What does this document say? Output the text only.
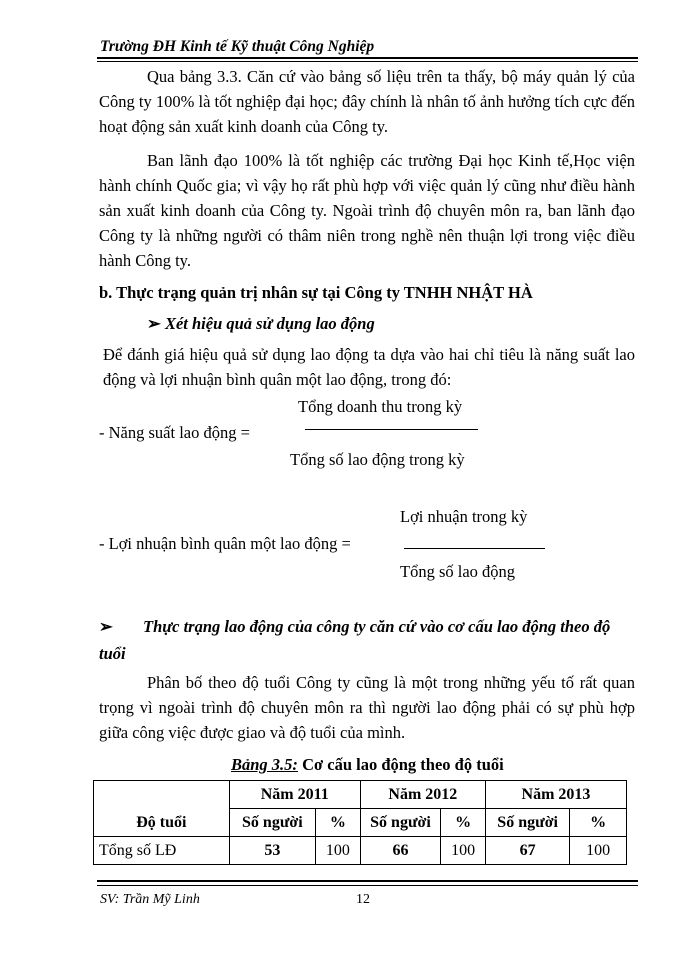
Trường ĐH Kinh tế Kỹ thuật Công Nghiệp
Qua bảng 3.3. Căn cứ vào bảng số liệu trên ta thấy, bộ máy quản lý của Công ty 100% là tốt nghiệp đại học; đây chính là nhân tố ảnh hưởng tích cực đến hoạt động sản xuất kinh doanh của Công ty.
Ban lãnh đạo 100% là tốt nghiệp các trường Đại học Kinh tế,Học viện hành chính Quốc gia; vì vậy họ rất phù hợp với việc quản lý cũng như điều hành sản xuất kinh doanh của Công ty. Ngoài trình độ chuyên môn ra, ban lãnh đạo Công ty là những người có thâm niên trong nghề nên thuận lợi trong việc điều hành Công ty.
b. Thực trạng quản trị nhân sự tại Công ty TNHH NHẬT HÀ
➢ Xét hiệu quả sử dụng lao động
Để đánh giá hiệu quả sử dụng lao động ta dựa vào hai chỉ tiêu là năng suất lao động và lợi nhuận bình quân một lao động, trong đó:
Tổng doanh thu trong kỳ
- Năng suất lao động =
Tổng số lao động trong kỳ
Lợi nhuận trong kỳ
- Lợi nhuận bình quân một lao động =
Tổng số lao động
➢ Thực trạng lao động của công ty căn cứ vào cơ cấu lao động theo độ tuổi
Phân bố theo độ tuổi Công ty cũng là một trong những yếu tố rất quan trọng vì ngoài trình độ chuyên môn ra thì người lao động phải có sự phù hợp giữa công việc được giao và độ tuổi của mình.
Bảng 3.5: Cơ cấu lao động theo độ tuổi
Độ tuổi	Năm 2011		Năm 2012		Năm 2013	
	Số người	%	Số người	%	Số người	%
Tổng số LĐ	53	100	66	100	67	100
SV: Trần Mỹ Linh	12
